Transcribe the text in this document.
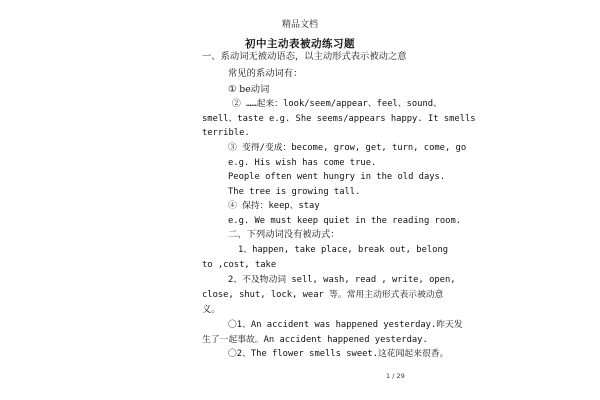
精品文档
初中主动表被动练习题
一、系动词无被动语态，以主动形式表示被动之意
常见的系动词有：
① be动词
② ……起来：look/seem/appear、feel、sound、
smell、taste e.g. She seems/appears happy. It smells
terrible.
③ 变得/变成：become, grow, get, turn, come, go
e.g. His wish has come true.
People often went hungry in the old days.
The tree is growing tall.
④ 保持：keep、stay
e.g. We must keep quiet in the reading room.
二、下列动词没有被动式：
1、happen, take place, break out, belong
to ,cost, take
2、不及物动词 sell, wash, read , write, open,
close, shut, lock, wear 等。常用主动形式表示被动意
义。
〇1、An accident was happened yesterday.昨天发
生了一起事故。An accident happened yesterday.
〇2、The flower smells sweet.这花闻起来很香。
1 / 29
